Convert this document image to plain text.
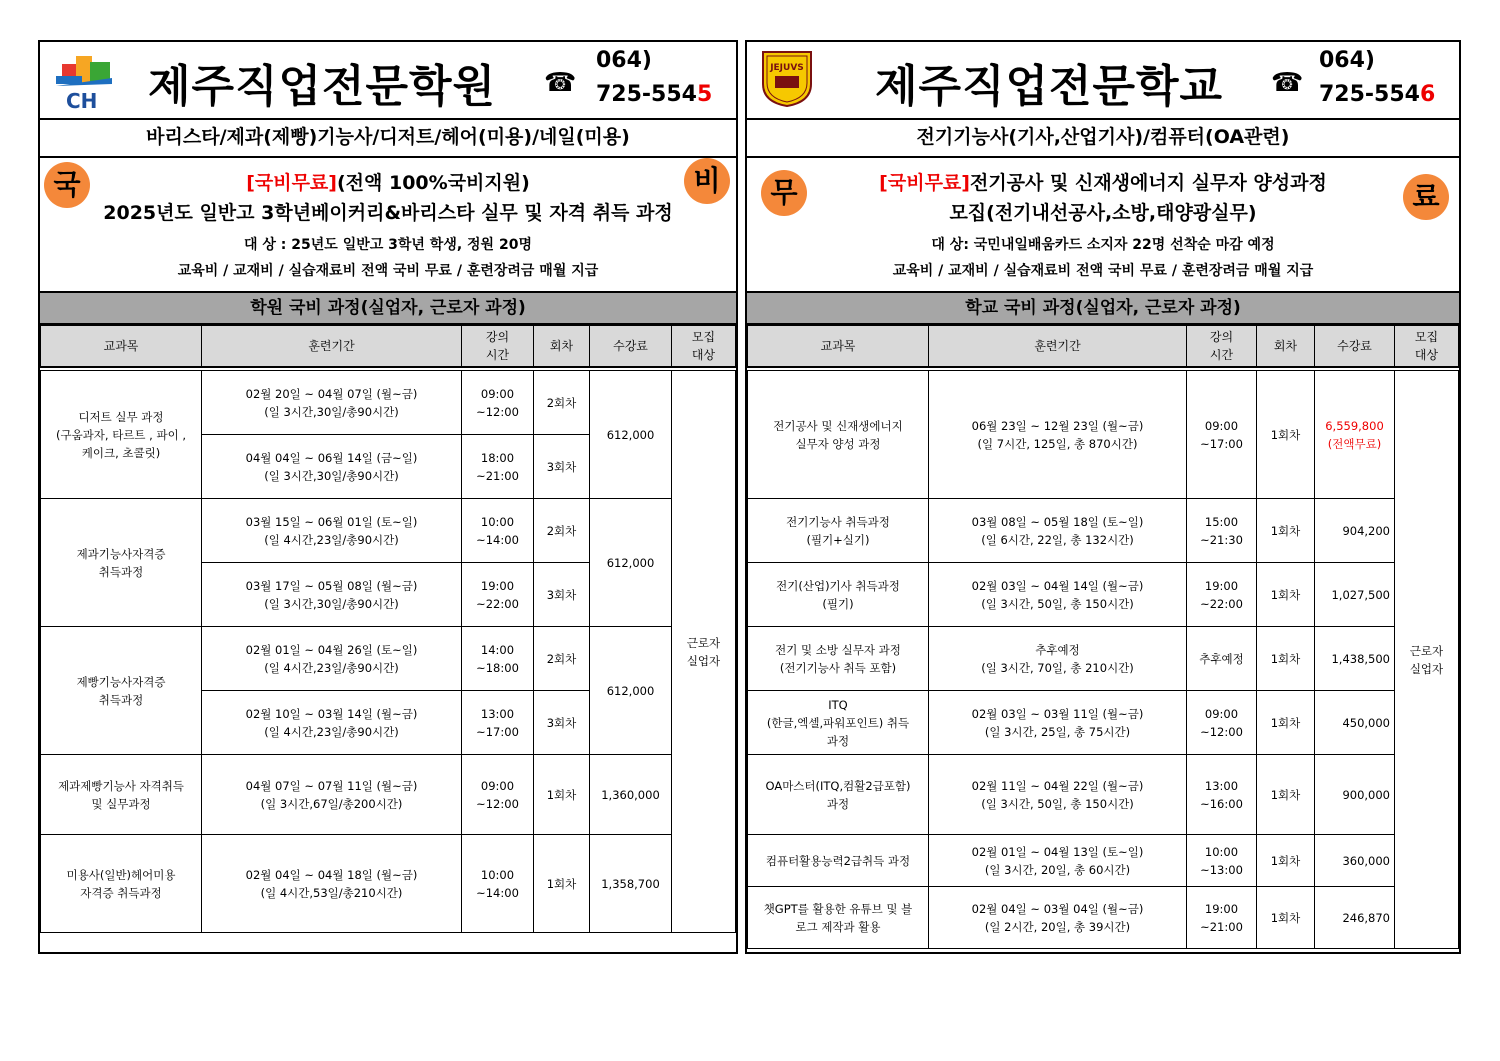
CH 제주직업전문학원 ☎
064)
725-5545
바리스타/제과(제빵)기능사/디저트/헤어(미용)/네일(미용)
국	비
[국비무료](전액 100%국비지원)
2025년도 일반고 3학년베이커리&바리스타 실무 및 자격 취득 과정
대 상 : 25년도 일반고 3학년 학생, 정원 20명
교육비 / 교재비 / 실습재료비 전액 국비 무료 / 훈련장려금 매월 지급
학원 국비 과정(실업자, 근로자 과정)
교과목	훈련기간	강의
시간	회차	수강료	모집
대상

디저트 실무 과정
(구움과자, 타르트 , 파이 ,
케이크, 초콜릿)	02월 20일 ~ 04월 07일 (월~금)
(일 3시간,30일/총90시간)	09:00
~12:00	2회차	612,000	근로자
실업자
	04월 04일 ~ 06월 14일 (금~일)
(일 3시간,30일/총90시간)	18:00
~21:00	3회차		
제과기능사자격증
취득과정	03월 15일 ~ 06월 01일 (토~일)
(일 4시간,23일/총90시간)	10:00
~14:00	2회차	612,000	
	03월 17일 ~ 05월 08일 (월~금)
(일 3시간,30일/총90시간)	19:00
~22:00	3회차		
제빵기능사자격증
취득과정	02월 01일 ~ 04월 26일 (토~일)
(일 4시간,23일/총90시간)	14:00
~18:00	2회차	612,000	
	02월 10일 ~ 03월 14일 (월~금)
(일 4시간,23일/총90시간)	13:00
~17:00	3회차		
제과제빵기능사 자격취득
및 실무과정	04월 07일 ~ 07월 11일 (월~금)
(일 3시간,67일/총200시간)	09:00
~12:00	1회차	1,360,000	
미용사(일반)헤어미용
자격증 취득과정	02월 04일 ~ 04월 18일 (월~금)
(일 4시간,53일/총210시간)	10:00
~14:00	1회차	1,358,700	
JEJUVS 제주직업전문학교 ☎
064)
725-5546
전기기능사(기사,산업기사)/컴퓨터(OA관련)
무	료
[국비무료]전기공사 및 신재생에너지 실무자 양성과정
모집(전기내선공사,소방,태양광실무)
대 상: 국민내일배움카드 소지자 22명 선착순 마감 예정
교육비 / 교재비 / 실습재료비 전액 국비 무료 / 훈련장려금 매월 지급
학교 국비 과정(실업자, 근로자 과정)
교과목	훈련기간	강의
시간	회차	수강료	모집
대상

전기공사 및 신재생에너지
실무자 양성 과정	06월 23일 ~ 12월 23일 (월~금)
(일 7시간, 125일, 총 870시간)	09:00
~17:00	1회차	6,559,800
(전액무료)	근로자
실업자
전기기능사 취득과정
(필기+실기)	03월 08일 ~ 05월 18일 (토~일)
(일 6시간, 22일, 총 132시간)	15:00
~21:30	1회차	904,200	
전기(산업)기사 취득과정
(필기)	02월 03일 ~ 04월 14일 (월~금)
(일 3시간, 50일, 총 150시간)	19:00
~22:00	1회차	1,027,500	
전기 및 소방 실무자 과정
(전기기능사 취득 포함)	추후예정
(일 3시간, 70일, 총 210시간)	추후예정	1회차	1,438,500	
ITQ
(한글,엑셀,파워포인트) 취득
과정	02월 03일 ~ 03월 11일 (월~금)
(일 3시간, 25일, 총 75시간)	09:00
~12:00	1회차	450,000	
OA마스터(ITQ,컴활2급포함)
과정	02월 11일 ~ 04월 22일 (월~금)
(일 3시간, 50일, 총 150시간)	13:00
~16:00	1회차	900,000	
컴퓨터활용능력2급취득 과정	02월 01일 ~ 04월 13일 (토~일)
(일 3시간, 20일, 총 60시간)	10:00
~13:00	1회차	360,000	
챗GPT를 활용한 유튜브 및 블
로그 제작과 활용	02월 04일 ~ 03월 04일 (월~금)
(일 2시간, 20일, 총 39시간)	19:00
~21:00	1회차	246,870	
